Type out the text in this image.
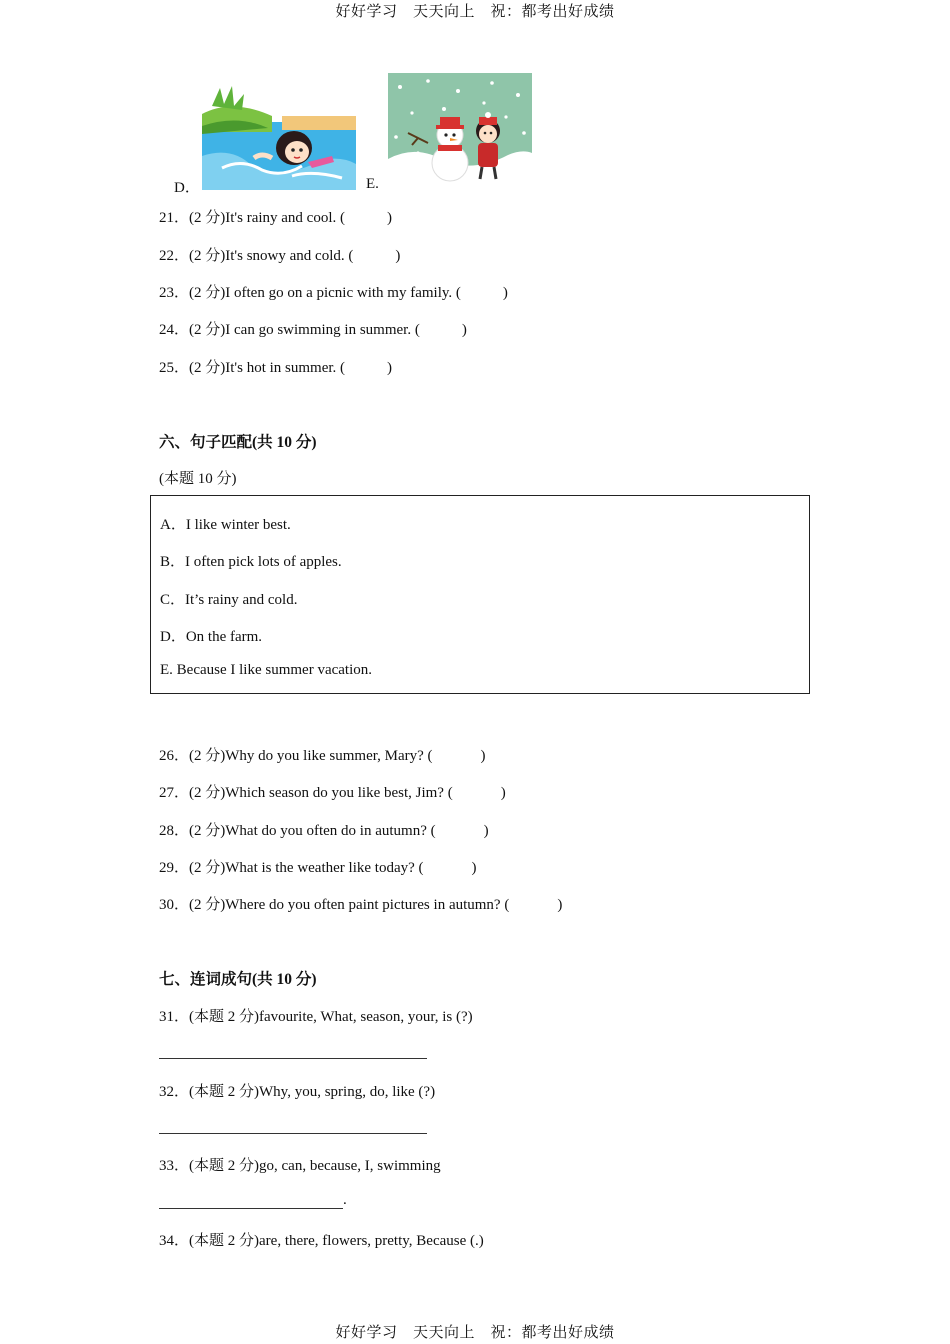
好好学习　天天向上　祝：都考出好成绩
D．	E.
21．(2 分)It's rainy and cool. (	)
22．(2 分)It's snowy and cold. (	)
23．(2 分)I often go on a picnic with my family. (	)
24．(2 分)I can go swimming in summer. (	)
25．(2 分)It's hot in summer. (	)
六、句子匹配(共 10 分)
(本题 10 分)
A．I like winter best.
B．I often pick lots of apples.
C．It’s rainy and cold.
D．On the farm.
E. Because I like summer vacation.
26．(2 分)Why do you like summer, Mary? (	)
27．(2 分)Which season do you like best, Jim? (	)
28．(2 分)What do you often do in autumn? (	)
29．(2 分)What is the weather like today? (	)
30．(2 分)Where do you often paint pictures in autumn? (	)
七、连词成句(共 10 分)
31．(本题 2 分)favourite, What, season, your, is (?)
32．(本题 2 分)Why, you, spring, do, like (?)
33．(本题 2 分)go, can, because, I, swimming
.
34．(本题 2 分)are, there, flowers, pretty, Because (.)
好好学习　天天向上　祝：都考出好成绩
